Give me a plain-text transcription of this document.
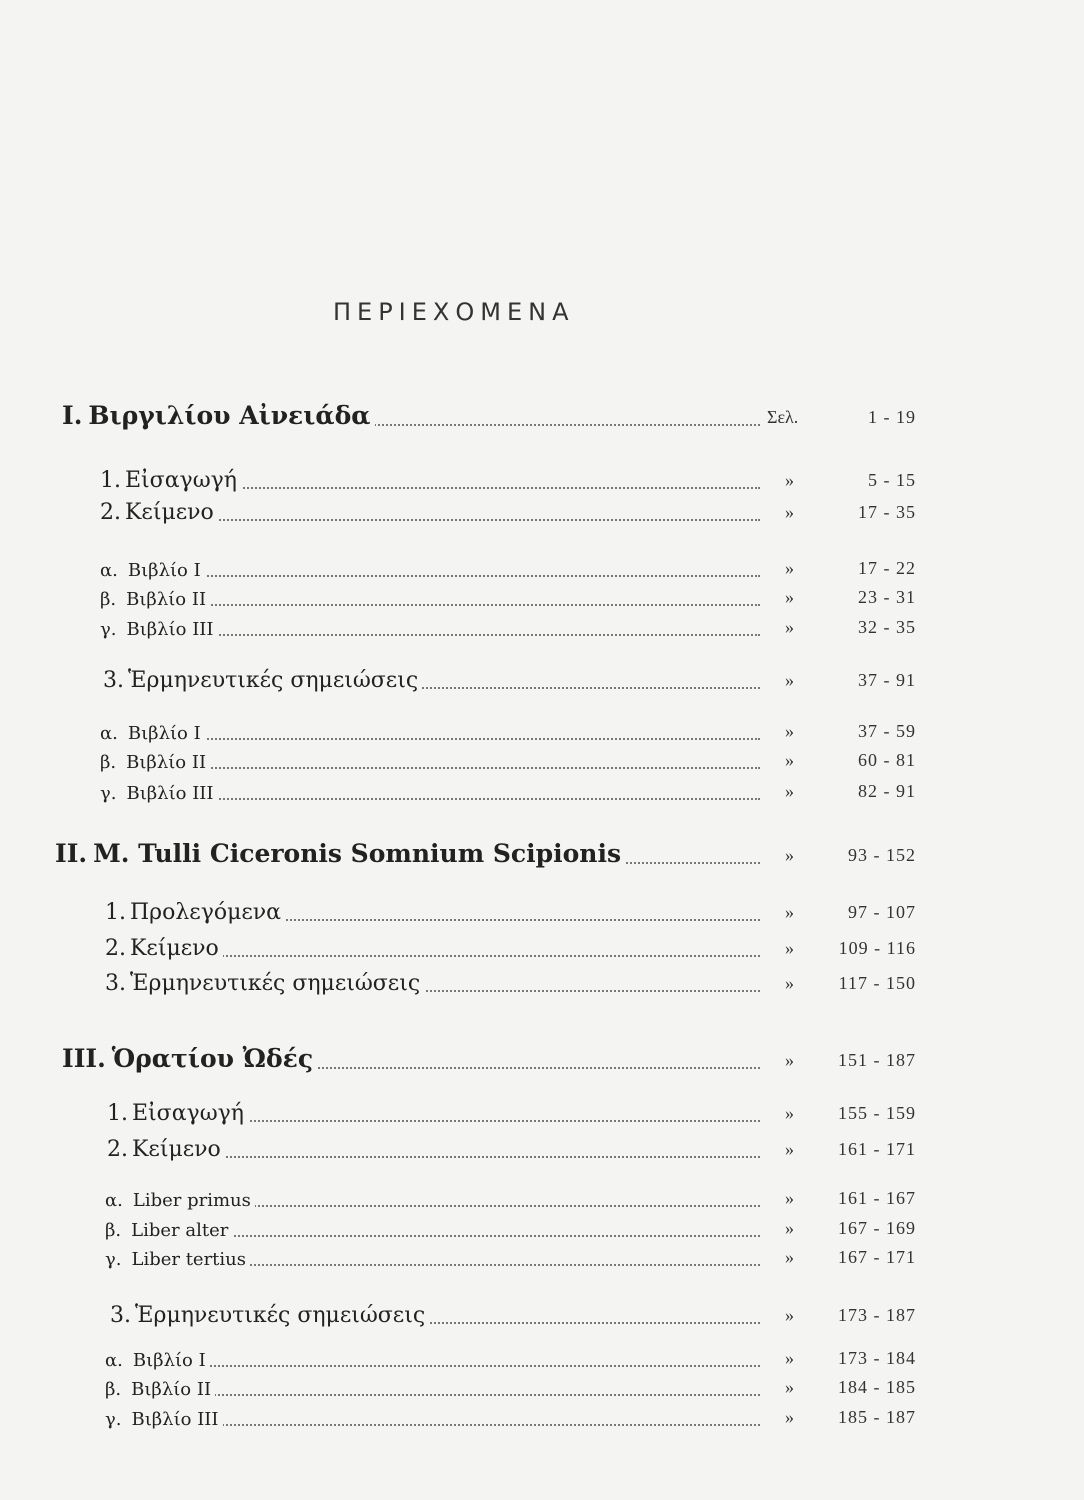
ΠΕΡΙΕΧΟΜΕΝΑ
I. Βιργιλίου Αἰνειάδα	Σελ.	1 - 19
1. Εἰσαγωγή	»	5 - 15
2. Κείμενο	»	17 - 35
α. Βιβλίο I	»	17 - 22
β. Βιβλίο II	»	23 - 31
γ. Βιβλίο III	»	32 - 35
3. Ἑρμηνευτικές σημειώσεις	»	37 - 91
α. Βιβλίο I	»	37 - 59
β. Βιβλίο II	»	60 - 81
γ. Βιβλίο III	»	82 - 91
II. M. Tulli Ciceronis Somnium Scipionis	»	93 - 152
1. Προλεγόμενα	»	97 - 107
2. Κείμενο	»	109 - 116
3. Ἑρμηνευτικές σημειώσεις	»	117 - 150
III. Ὁρατίου Ὠδές	»	151 - 187
1. Εἰσαγωγή	»	155 - 159
2. Κείμενο	»	161 - 171
α. Liber primus	»	161 - 167
β. Liber alter	»	167 - 169
γ. Liber tertius	»	167 - 171
3. Ἑρμηνευτικές σημειώσεις	»	173 - 187
α. Βιβλίο I	»	173 - 184
β. Βιβλίο II	»	184 - 185
γ. Βιβλίο III	»	185 - 187
